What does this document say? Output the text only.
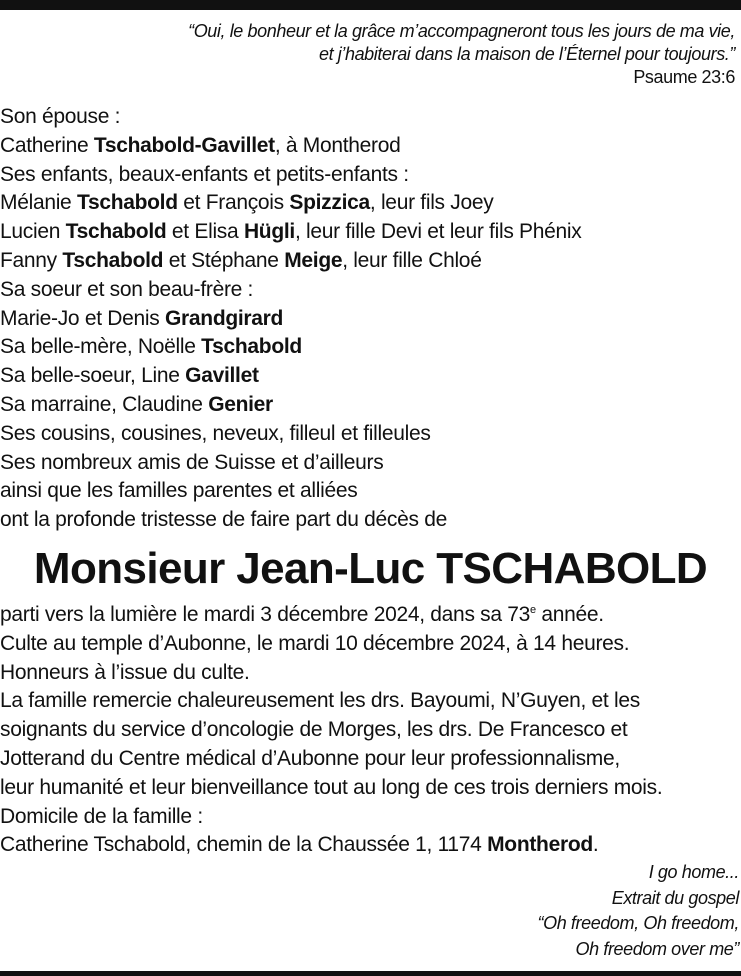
“Oui, le bonheur et la grâce m’accompagneront tous les jours de ma vie,
et j’habiterai dans la maison de l’Éternel pour toujours.”
Psaume 23:6
Son épouse :
Catherine Tschabold-Gavillet, à Montherod
Ses enfants, beaux-enfants et petits-enfants :
Mélanie Tschabold et François Spizzica, leur fils Joey
Lucien Tschabold et Elisa Hügli, leur fille Devi et leur fils Phénix
Fanny Tschabold et Stéphane Meige, leur fille Chloé
Sa soeur et son beau-frère :
Marie-Jo et Denis Grandgirard
Sa belle-mère, Noëlle Tschabold
Sa belle-soeur, Line Gavillet
Sa marraine, Claudine Genier
Ses cousins, cousines, neveux, filleul et filleules
Ses nombreux amis de Suisse et d’ailleurs
ainsi que les familles parentes et alliées
ont la profonde tristesse de faire part du décès de
Monsieur Jean-Luc TSCHABOLD
parti vers la lumière le mardi 3 décembre 2024, dans sa 73e année.
Culte au temple d’Aubonne, le mardi 10 décembre 2024, à 14 heures.
Honneurs à l’issue du culte.
La famille remercie chaleureusement les drs. Bayoumi, N’Guyen, et les
soignants du service d’oncologie de Morges, les drs. De Francesco et
Jotterand du Centre médical d’Aubonne pour leur professionnalisme,
leur humanité et leur bienveillance tout au long de ces trois derniers mois.
Domicile de la famille :
Catherine Tschabold, chemin de la Chaussée 1, 1174 Montherod.
I go home...
Extrait du gospel
“Oh freedom, Oh freedom,
Oh freedom over me”
